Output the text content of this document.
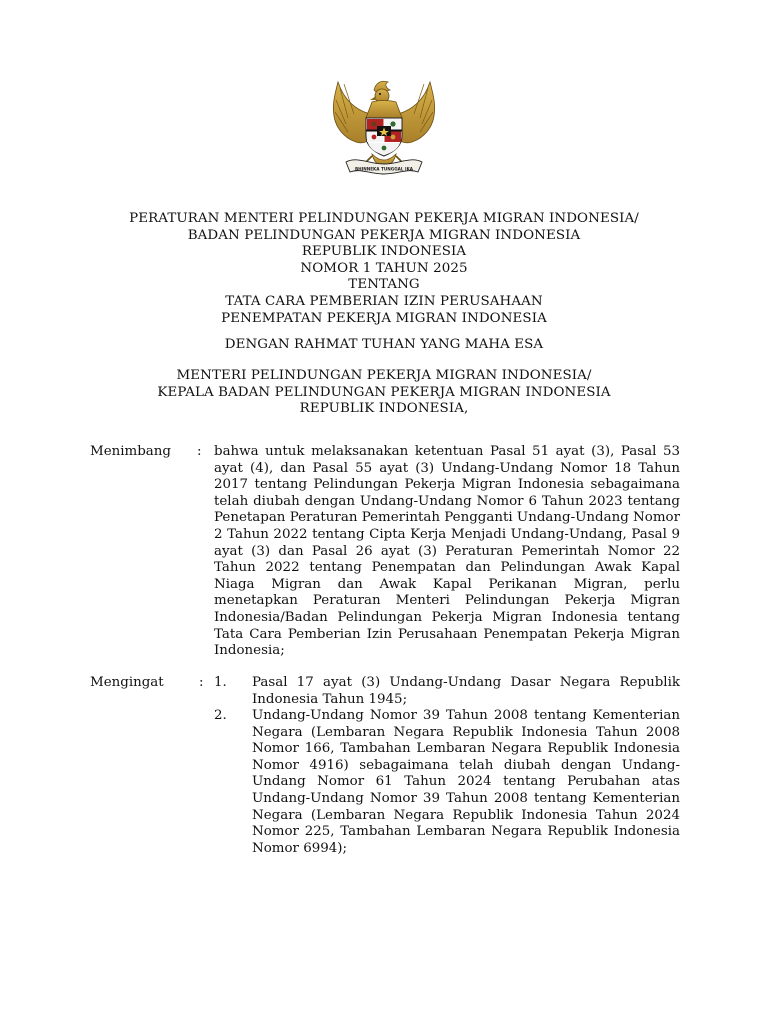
BHINNEKA TUNGGAL IKA
PERATURAN MENTERI PELINDUNGAN PEKERJA MIGRAN INDONESIA/
BADAN PELINDUNGAN PEKERJA MIGRAN INDONESIA
REPUBLIK INDONESIA
NOMOR 1 TAHUN 2025
TENTANG
TATA CARA PEMBERIAN IZIN PERUSAHAAN
PENEMPATAN PEKERJA MIGRAN INDONESIA
DENGAN RAHMAT TUHAN YANG MAHA ESA
MENTERI PELINDUNGAN PEKERJA MIGRAN INDONESIA/
KEPALA BADAN PELINDUNGAN PEKERJA MIGRAN INDONESIA
REPUBLIK INDONESIA,
Menimbang : bahwa untuk melaksanakan ketentuan Pasal 51 ayat (3), Pasal 53 ayat (4), dan Pasal 55 ayat (3) Undang-Undang Nomor 18 Tahun 2017 tentang Pelindungan Pekerja Migran Indonesia sebagaimana telah diubah dengan Undang-Undang Nomor 6 Tahun 2023 tentang Penetapan Peraturan Pemerintah Pengganti Undang-Undang Nomor 2 Tahun 2022 tentang Cipta Kerja Menjadi Undang-Undang, Pasal 9 ayat (3) dan Pasal 26 ayat (3) Peraturan Pemerintah Nomor 22 Tahun 2022 tentang Penempatan dan Pelindungan Awak Kapal Niaga Migran dan Awak Kapal Perikanan Migran, perlu menetapkan Peraturan Menteri Pelindungan Pekerja Migran Indonesia/Badan Pelindungan Pekerja Migran Indonesia tentang Tata Cara Pemberian Izin Perusahaan Penempatan Pekerja Migran Indonesia;
Mengingat	: 1.	Pasal 17 ayat (3) Undang-Undang Dasar Negara Republik Indonesia Tahun 1945;
2.	Undang-Undang Nomor 39 Tahun 2008 tentang Kementerian Negara (Lembaran Negara Republik Indonesia Tahun 2008 Nomor 166, Tambahan Lembaran Negara Republik Indonesia Nomor 4916) sebagaimana telah diubah dengan Undang-Undang Nomor 61 Tahun 2024 tentang Perubahan atas Undang-Undang Nomor 39 Tahun 2008 tentang Kementerian Negara (Lembaran Negara Republik Indonesia Tahun 2024 Nomor 225, Tambahan Lembaran Negara Republik Indonesia Nomor 6994);
